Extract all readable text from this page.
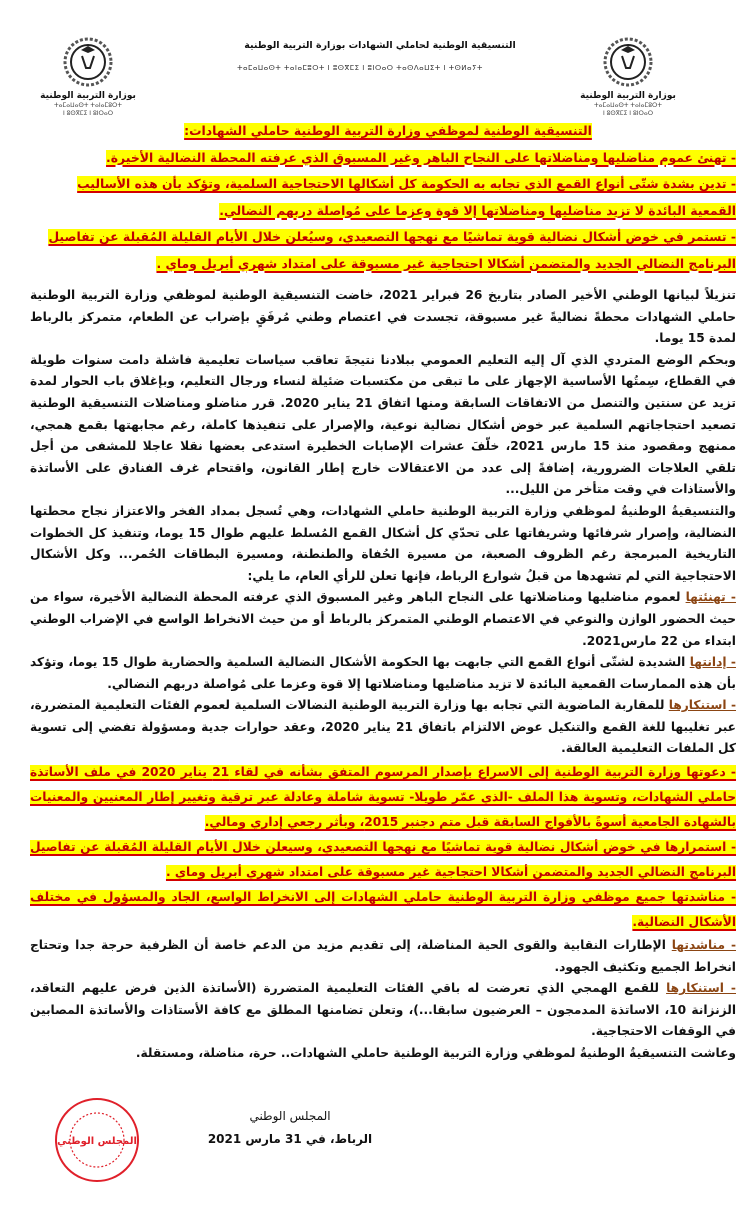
بوزارة التربية الوطنية
ⵜⴰⵎⴰⵡⴰⵙⵜ ⵜⴰⵏⴰⵎⵓⵔⵜ
ⵏ ⵓⵙⴳⵎⵉ ⵏ ⵓⵏⵔⴰⵔ
التنسيقية الوطنية لحاملي الشهادات بوزارة التربية الوطنية
ⵜⴰⵎⴰⵡⴰⵙⵜ ⵜⴰⵏⴰⵎⵓⵔⵜ ⵏ ⵓⵙⴳⵎⵉ ⵏ ⵓⵏⵔⴰⵔ ⵜⴰⵙⴷⴰⵡⵉⵜ ⵏ ⵜⵙⵍⴰⵢⵜ
بوزارة التربية الوطنية
ⵜⴰⵎⴰⵡⴰⵙⵜ ⵜⴰⵏⴰⵎⵓⵔⵜ
ⵏ ⵓⵙⴳⵎⵉ ⵏ ⵓⵏⵔⴰⵔ
التنسيقية الوطنية لموظفي وزارة التربية الوطنية حاملي الشهادات:
- تهنئ عموم مناضليها ومناضلاتها على النجاح الباهر وغير المسبوق الذي عرفته المحطة النضالية الأخيرة.
- تدين بشدة شتّى أنواع القمع الذي تجابه به الحكومة كل أشكالها الاحتجاجية السلمية، وتؤكد بأن هذه الأساليب القمعية البائدة لا تزيد مناضليها ومناضلاتها إلا قوة وعزما على مُواصلة دربهم النضالي.
- تستمر في خوض أشكال نضالية قوية تماشيًا مع نهجها التصعيدي، وسيُعلن خلال الأيام القليلة المُقبلة عن تفاصيل البرنامج النضالي الجديد والمتضمن أشكالا احتجاجية غير مسبوقة على امتداد شهري أبريل وماي .

تنزيلاً لبيانها الوطني الأخير الصادر بتاريخ 26 فبراير 2021، خاضت التنسيقية الوطنية لموظفي وزارة التربية الوطنية حاملي الشهادات محطةً نضاليةً غير مسبوقة، تجسدت في اعتصام وطني مُرفَقٍ بإضراب عن الطعام، متمركز بالرباط لمدة 15 يوما.

وبحكم الوضع المتردي الذي آل إليه التعليم العمومي ببلادنا نتيجةَ تعاقب سياسات تعليمية فاشلة دامت سنوات طويلة في القطاع، سِمتُها الأساسية الإجهاز على ما تبقى من مكتسبات ضئيلة لنساء ورجال التعليم، وبإغلاق باب الحوار لمدة تزيد عن سنتين والتنصل من الاتفاقات السابقة ومنها اتفاق 21 يناير 2020. قرر مناضلو ومناضلات التنسيقية الوطنية تصعيد احتجاجاتهم السلمية عبر خوض أشكال نضالية نوعية، والإصرار على تنفيذها كاملة، رغم مجابهتها بقمع همجي، ممنهج ومقصود منذ 15 مارس 2021، خلّفَ عشرات الإصابات الخطيرة استدعى بعضها نقلا عاجلا للمشفى من أجل تلقي العلاجات الضرورية، إضافةً إلى عدد من الاعتقالات خارج إطار القانون، واقتحام غرف الفنادق على الأساتذة والأستاذات في وقت متأخر من الليل...

والتنسيقيةُ الوطنيةُ لموظفي وزارة التربية الوطنية حاملي الشهادات، وهي تُسجل بمداد الفخر والاعتزاز نجاح محطتها النضالية، وإصرار شرفائها وشريفاتها على تحدّي كل أشكال القمع المُسلط عليهم طوال 15 يوما، وتنفيذ كل الخطوات التاريخية المبرمجة رغم الظروف الصعبة، من مسيرة الحُفاة والطنطنة، ومسيرة البطاقات الحُمر... وكل الأشكال الاحتجاجية التي لم تشهدها من قبلُ شوارع الرباط، فإنها تعلن للرأي العام، ما يلي:

- تهنئتها لعموم مناضليها ومناضلاتها على النجاح الباهر وغير المسبوق الذي عرفته المحطة النضالية الأخيرة، سواء من حيث الحضور الوازن والنوعي في الاعتصام الوطني المتمركز بالرباط أو من حيث الانخراط الواسع في الإضراب الوطني ابتداء من 22 مارس2021.

- إدانتها الشديدة لشتّى أنواع القمع التي جابهت بها الحكومة الأشكال النضالية السلمية والحضارية طوال 15 يوما، وتؤكد بأن هذه الممارسات القمعية البائدة لا تزيد مناضليها ومناضلاتها إلا قوة وعزما على مُواصلة دربهم النضالي.

- استنكارها للمقاربة الماضوية التي تجابه بها وزارة التربية الوطنية النضالات السلمية لعموم الفئات التعليمية المتضررة، عبر تغليبها للغة القمع والتنكيل عوض الالتزام باتفاق 21 يناير 2020، وعقد حوارات جدية ومسؤولة تفضي إلى تسوية كل الملفات التعليمية العالقة.

- دعوتها وزارة التربية الوطنية إلى الاسراع بإصدار المرسوم المتفق بشأنه في لقاء 21 يناير 2020 في ملف الأساتذة حاملي الشهادات، وتسوية هذا الملف -الذي عمّر طويلا- تسوية شاملة وعادلة عبر ترقية وتغيير إطار المعنيين والمعنيات بالشهادة الجامعية أسوةً بالأفواج السابقة قبل متم دجنبر 2015، وبأثر رجعي إداري ومالي.

- استمرارها في خوض أشكال نضالية قوية تماشيًا مع نهجها التصعيدي، وسيعلن خلال الأيام القليلة المُقبلة عن تفاصيل البرنامج النضالي الجديد والمتضمن أشكالا احتجاجية غير مسبوقة على امتداد شهري أبريل وماي .

- مناشدتها جميع موظفي وزارة التربية الوطنية حاملي الشهادات إلى الانخراط الواسع، الجاد والمسؤول في مختلف الأشكال النضالية.

- مناشدتها الإطارات النقابية والقوى الحية المناضلة، إلى تقديم مزيد من الدعم خاصة أن الظرفية حرجة جدا وتحتاج انخراط الجميع وتكثيف الجهود.

- استنكارها للقمع الهمجي الذي تعرضت له باقي الفئات التعليمية المتضررة (الأساتذة الذين فرض عليهم التعاقد، الزنزانة 10، الاساتذة المدمجون – العرضيون سابقا...)، وتعلن تضامنها المطلق مع كافة الأستاذات والأساتذة المصابين في الوقفات الاحتجاجية.

وعاشت التنسيقيةُ الوطنيةُ لموظفي وزارة التربية الوطنية حاملي الشهادات.. حرة، مناضلة، ومستقلة.

المجلس الوطني
المجلس الوطني
الرباط، في 31 مارس 2021
